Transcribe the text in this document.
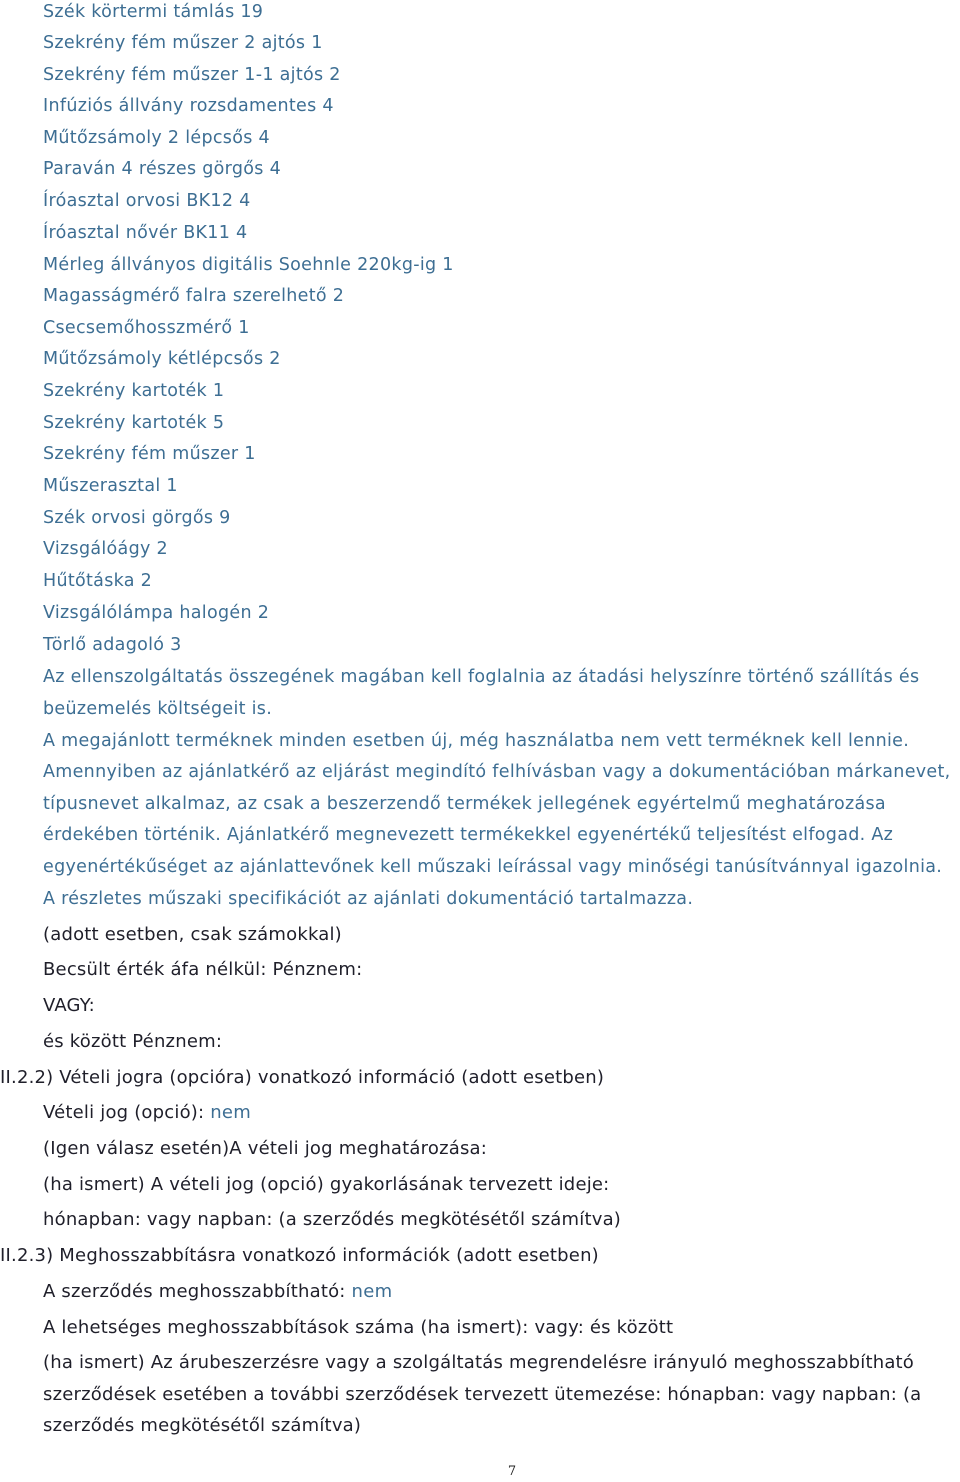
Szék körtermi támlás 19
Szekrény fém műszer 2 ajtós 1
Szekrény fém műszer 1-1 ajtós 2
Infúziós állvány rozsdamentes 4
Műtőzsámoly 2 lépcsős 4
Paraván 4 részes görgős 4
Íróasztal orvosi BK12 4
Íróasztal nővér BK11 4
Mérleg állványos digitális Soehnle 220kg-ig 1
Magasságmérő falra szerelhető 2
Csecsemőhosszmérő 1
Műtőzsámoly kétlépcsős 2
Szekrény kartoték 1
Szekrény kartoték 5
Szekrény fém műszer 1
Műszerasztal 1
Szék orvosi görgős 9
Vizsgálóágy 2
Hűtőtáska 2
Vizsgálólámpa halogén 2
Törlő adagoló 3
Az ellenszolgáltatás összegének magában kell foglalnia az átadási helyszínre történő szállítás és
beüzemelés költségeit is.
A megajánlott terméknek minden esetben új, még használatba nem vett terméknek kell lennie.
Amennyiben az ajánlatkérő az eljárást megindító felhívásban vagy a dokumentációban márkanevet,
típusnevet alkalmaz, az csak a beszerzendő termékek jellegének egyértelmű meghatározása
érdekében történik. Ajánlatkérő megnevezett termékekkel egyenértékű teljesítést elfogad. Az
egyenértékűséget az ajánlattevőnek kell műszaki leírással vagy minőségi tanúsítvánnyal igazolnia.
A részletes műszaki specifikációt az ajánlati dokumentáció tartalmazza.
(adott esetben, csak számokkal)
Becsült érték áfa nélkül: Pénznem:
VAGY:
és között Pénznem:
II.2.2) Vételi jogra (opcióra) vonatkozó információ (adott esetben)
Vételi jog (opció): nem
(Igen válasz esetén)A vételi jog meghatározása:
(ha ismert) A vételi jog (opció) gyakorlásának tervezett ideje:
hónapban: vagy napban: (a szerződés megkötésétől számítva)
II.2.3) Meghosszabbításra vonatkozó információk (adott esetben)
A szerződés meghosszabbítható: nem
A lehetséges meghosszabbítások száma (ha ismert): vagy: és között
(ha ismert) Az árubeszerzésre vagy a szolgáltatás megrendelésre irányuló meghosszabbítható
szerződések esetében a további szerződések tervezett ütemezése: hónapban: vagy napban: (a
szerződés megkötésétől számítva)
7
